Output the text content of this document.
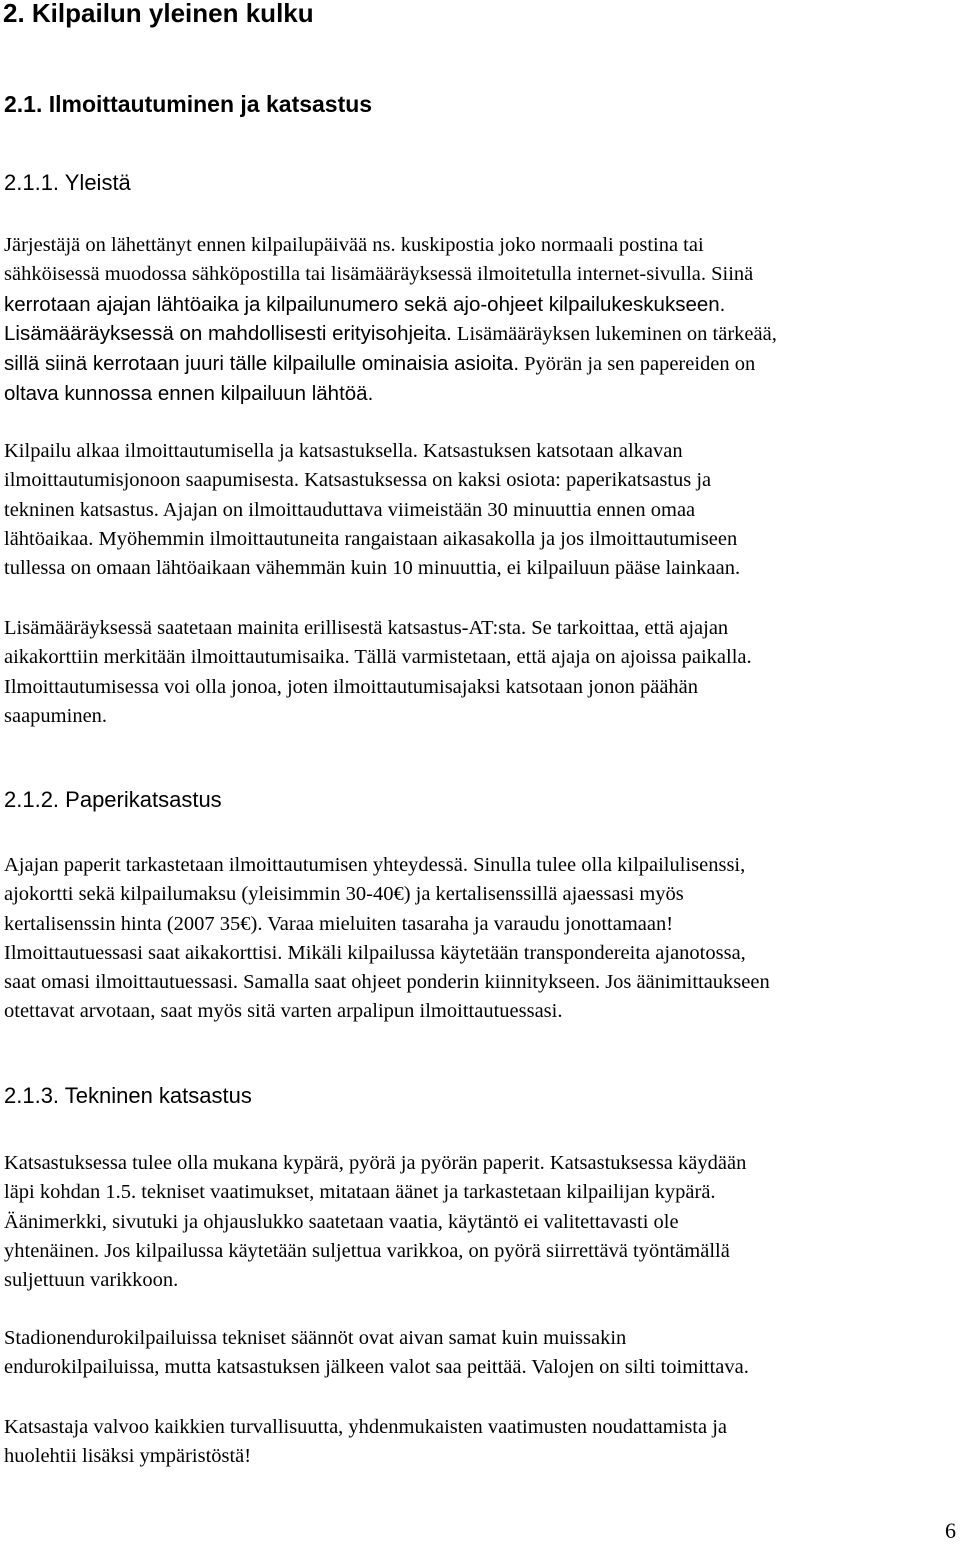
2. Kilpailun yleinen kulku
2.1. Ilmoittautuminen ja katsastus
2.1.1. Yleistä

Järjestäjä on lähettänyt ennen kilpailupäivää ns. kuskipostia joko normaali postina tai
sähköisessä muodossa sähköpostilla tai lisämääräyksessä ilmoitetulla internet-sivulla. Siinä
kerrotaan ajajan lähtöaika ja kilpailunumero sekä ajo-ohjeet kilpailukeskukseen.
Lisämääräyksessä on mahdollisesti erityisohjeita. Lisämääräyksen lukeminen on tärkeää,
sillä siinä kerrotaan juuri tälle kilpailulle ominaisia asioita. Pyörän ja sen papereiden on
oltava kunnossa ennen kilpailuun lähtöä.

Kilpailu alkaa ilmoittautumisella ja katsastuksella. Katsastuksen katsotaan alkavan
ilmoittautumisjonoon saapumisesta. Katsastuksessa on kaksi osiota: paperikatsastus ja
tekninen katsastus. Ajajan on ilmoittauduttava viimeistään 30 minuuttia ennen omaa
lähtöaikaa. Myöhemmin ilmoittautuneita rangaistaan aikasakolla ja jos ilmoittautumiseen
tullessa on omaan lähtöaikaan vähemmän kuin 10 minuuttia, ei kilpailuun pääse lainkaan.

Lisämääräyksessä saatetaan mainita erillisestä katsastus-AT:sta. Se tarkoittaa, että ajajan
aikakorttiin merkitään ilmoittautumisaika. Tällä varmistetaan, että ajaja on ajoissa paikalla.
Ilmoittautumisessa voi olla jonoa, joten ilmoittautumisajaksi katsotaan jonon päähän
saapuminen.

2.1.2. Paperikatsastus

Ajajan paperit tarkastetaan ilmoittautumisen yhteydessä. Sinulla tulee olla kilpailulisenssi,
ajokortti sekä kilpailumaksu (yleisimmin 30-40€) ja kertalisenssillä ajaessasi myös
kertalisenssin hinta (2007 35€). Varaa mieluiten tasaraha ja varaudu jonottamaan!
Ilmoittautuessasi saat aikakorttisi. Mikäli kilpailussa käytetään transpondereita ajanotossa,
saat omasi ilmoittautuessasi. Samalla saat ohjeet ponderin kiinnitykseen. Jos äänimittaukseen
otettavat arvotaan, saat myös sitä varten arpalipun ilmoittautuessasi.

2.1.3. Tekninen katsastus

Katsastuksessa tulee olla mukana kypärä, pyörä ja pyörän paperit. Katsastuksessa käydään
läpi kohdan 1.5. tekniset vaatimukset, mitataan äänet ja tarkastetaan kilpailijan kypärä.
Äänimerkki, sivutuki ja ohjauslukko saatetaan vaatia, käytäntö ei valitettavasti ole
yhtenäinen. Jos kilpailussa käytetään suljettua varikkoa, on pyörä siirrettävä työntämällä
suljettuun varikkoon.

Stadionendurokilpailuissa tekniset säännöt ovat aivan samat kuin muissakin
endurokilpailuissa, mutta katsastuksen jälkeen valot saa peittää. Valojen on silti toimittava.

Katsastaja valvoo kaikkien turvallisuutta, yhdenmukaisten vaatimusten noudattamista ja
huolehtii lisäksi ympäristöstä!

6
